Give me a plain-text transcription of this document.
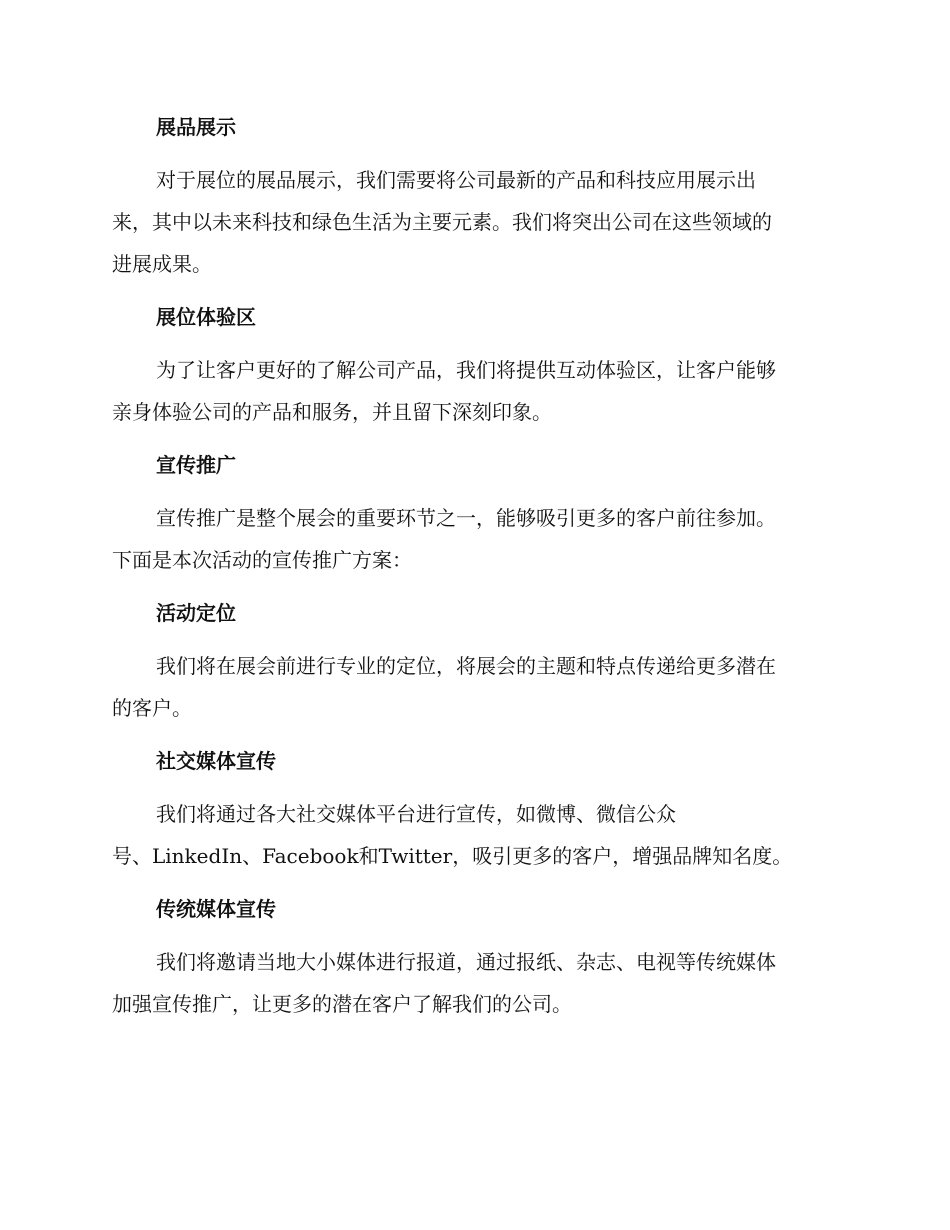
展品展示
对于展位的展品展示，我们需要将公司最新的产品和科技应用展示出
来，其中以未来科技和绿色生活为主要元素。我们将突出公司在这些领域的
进展成果。
展位体验区
为了让客户更好的了解公司产品，我们将提供互动体验区，让客户能够
亲身体验公司的产品和服务，并且留下深刻印象。
宣传推广
宣传推广是整个展会的重要环节之一，能够吸引更多的客户前往参加。
下面是本次活动的宣传推广方案：
活动定位
我们将在展会前进行专业的定位，将展会的主题和特点传递给更多潜在
的客户。
社交媒体宣传
我们将通过各大社交媒体平台进行宣传，如微博、微信公众
号、LinkedIn、Facebook和Twitter，吸引更多的客户，增强品牌知名度。
传统媒体宣传
我们将邀请当地大小媒体进行报道，通过报纸、杂志、电视等传统媒体
加强宣传推广，让更多的潜在客户了解我们的公司。
